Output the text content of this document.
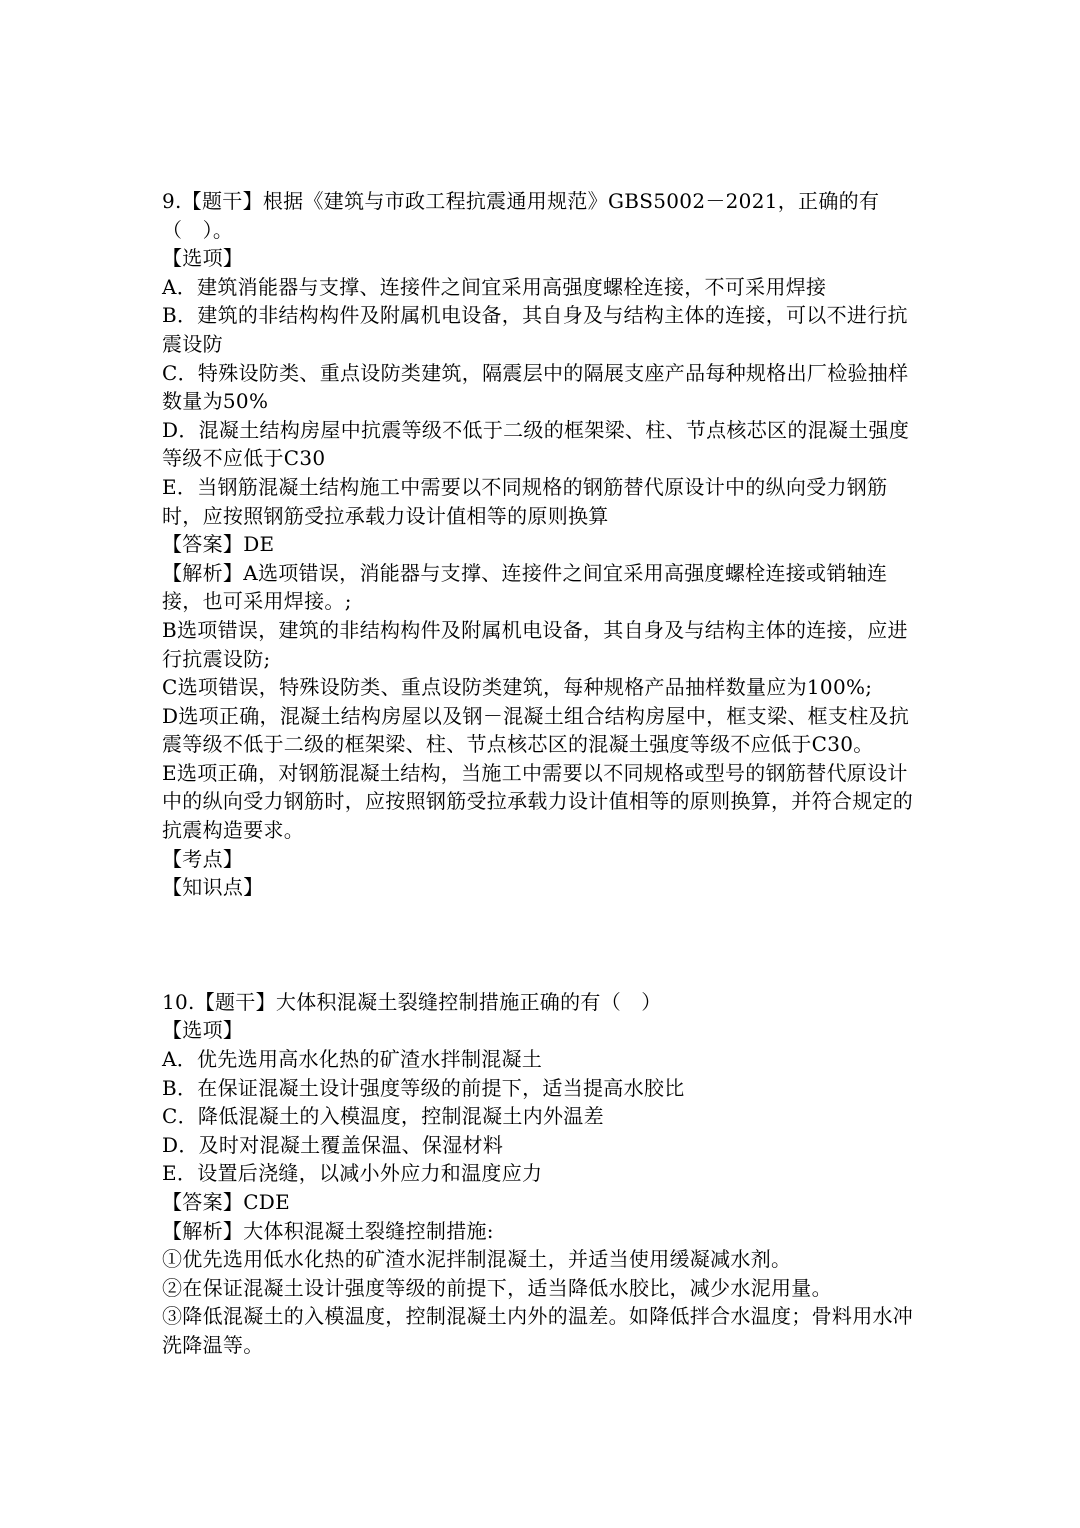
9.【题干】根据《建筑与市政工程抗震通用规范》GBS5002－2021，正确的有（　）。
【选项】
A．建筑消能器与支撑、连接件之间宜采用高强度螺栓连接，不可采用焊接
B．建筑的非结构构件及附属机电设备，其自身及与结构主体的连接，可以不进行抗震设防
C．特殊设防类、重点设防类建筑，隔震层中的隔展支座产品每种规格出厂检验抽样数量为50%
D．混凝土结构房屋中抗震等级不低于二级的框架梁、柱、节点核芯区的混凝土强度等级不应低于C30
E．当钢筋混凝土结构施工中需要以不同规格的钢筋替代原设计中的纵向受力钢筋时，应按照钢筋受拉承载力设计值相等的原则换算
【答案】DE
【解析】A选项错误，消能器与支撑、连接件之间宜采用高强度螺栓连接或销轴连接，也可采用焊接。;
B选项错误，建筑的非结构构件及附属机电设备，其自身及与结构主体的连接，应进行抗震设防;
C选项错误，特殊设防类、重点设防类建筑，每种规格产品抽样数量应为100%;
D选项正确，混凝土结构房屋以及钢－混凝土组合结构房屋中，框支梁、框支柱及抗震等级不低于二级的框架梁、柱、节点核芯区的混凝土强度等级不应低于C30。
E选项正确，对钢筋混凝土结构，当施工中需要以不同规格或型号的钢筋替代原设计中的纵向受力钢筋时，应按照钢筋受拉承载力设计值相等的原则换算，并符合规定的抗震构造要求。
【考点】
【知识点】
10.【题干】大体积混凝土裂缝控制措施正确的有（　）
【选项】
A．优先选用高水化热的矿渣水拌制混凝土
B．在保证混凝土设计强度等级的前提下，适当提高水胶比
C．降低混凝土的入模温度，控制混凝土内外温差
D．及时对混凝土覆盖保温、保湿材料
E．设置后浇缝，以减小外应力和温度应力
【答案】CDE
【解析】大体积混凝土裂缝控制措施:
①优先选用低水化热的矿渣水泥拌制混凝土，并适当使用缓凝减水剂。
②在保证混凝土设计强度等级的前提下，适当降低水胶比，减少水泥用量。
③降低混凝土的入模温度，控制混凝土内外的温差。如降低拌合水温度；骨料用水冲洗降温等。
